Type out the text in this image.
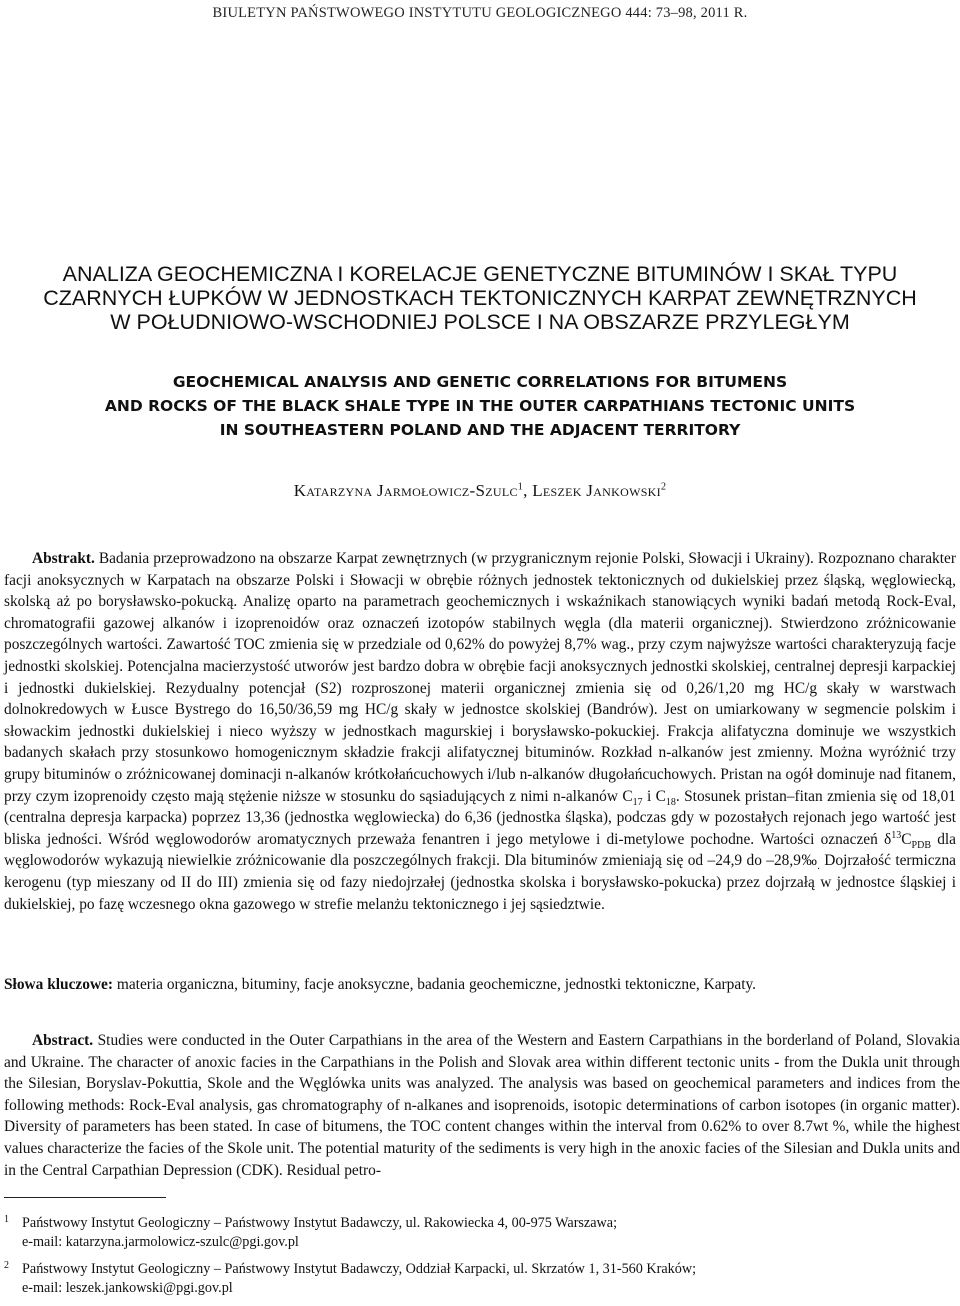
BIULETYN PAŃSTWOWEGO INSTYTUTU GEOLOGICZNEGO 444: 73–98, 2011 R.
ANALIZA GEOCHEMICZNA I KORELACJE GENETYCZNE BITUMINÓW I SKAŁ TYPU
CZARNYCH ŁUPKÓW W JEDNOSTKACH TEKTONICZNYCH KARPAT ZEWNĘTRZNYCH
W POŁUDNIOWO-WSCHODNIEJ POLSCE I NA OBSZARZE PRZYLEGŁYM
GEOCHEMICAL ANALYSIS AND GENETIC CORRELATIONS FOR BITUMENS
AND ROCKS OF THE BLACK SHALE TYPE IN THE OUTER CARPATHIANS TECTONIC UNITS
IN SOUTHEASTERN POLAND AND THE ADJACENT TERRITORY
Katarzyna Jarmołowicz-Szulc$^1$, Leszek Jankowski$^2$

Abstrakt. Badania przeprowadzono na obszarze Karpat zewnętrznych (w przygranicznym rejonie Polski, Słowacji i Ukrainy). Rozpoznano charakter facji anoksycznych w Karpatach na obszarze Polski i Słowacji w obrębie różnych jednostek tektonicznych od dukielskiej przez śląską, węglowiecką, skolską aż po borysławsko-pokucką. Analizę oparto na parametrach geochemicznych i wskaźnikach stanowiących wyniki badań metodą Rock-Eval, chromatografii gazowej alkanów i izoprenoidów oraz oznaczeń izotopów stabilnych węgla (dla materii organicznej). Stwierdzono zróżnicowanie poszczególnych wartości. Zawartość TOC zmienia się w przedziale od 0,62% do powyżej 8,7% wag., przy czym najwyższe wartości charakteryzują facje jednostki skolskiej. Potencjalna macierzystość utworów jest bardzo dobra w obrębie facji anoksycznych jednostki skolskiej, centralnej depresji karpackiej i jednostki dukielskiej. Rezydualny potencjał (S2) rozproszonej materii organicznej zmienia się od 0,26/1,20 mg HC/g skały w warstwach dolnokredowych w Łusce Bystrego do 16,50/36,59 mg HC/g skały w jednostce skolskiej (Bandrów). Jest on umiarkowany w segmencie polskim i słowackim jednostki dukielskiej i nieco wyższy w jednostkach magurskiej i borysławsko-pokuckiej. Frakcja alifatyczna dominuje we wszystkich badanych skałach przy stosunkowo homogenicznym składzie frakcji alifatycznej bituminów. Rozkład n-alkanów jest zmienny. Można wyróżnić trzy grupy bituminów o zróżnicowanej dominacji n-alkanów krótkołańcuchowych i/lub n-alkanów długołańcuchowych. Pristan na ogół dominuje nad fitanem, przy czym izoprenoidy często mają stężenie niższe w stosunku do sąsiadujących z nimi n-alkanów $C_{17}$ i $C_{18}$. Stosunek pristan–fitan zmienia się od 18,01 (centralna depresja karpacka) poprzez 13,36 (jednostka węglowiecka) do 6,36 (jednostka śląska), podczas gdy w pozostałych rejonach jego wartość jest bliska jedności. Wśród węglowodorów aromatycznych przeważa fenantren i jego metylowe i di-metylowe pochodne. Wartości oznaczeń $\delta^{13}C_{PDB}$ dla węglowodorów wykazują niewielkie zróżnicowanie dla poszczególnych frakcji. Dla bituminów zmieniają się od –24,9 do $-28,9‰_.$ Dojrzałość termiczna kerogenu (typ mieszany od II do III) zmienia się od fazy niedojrzałej (jednostka skolska i borysławsko-pokucka) przez dojrzałą w jednostce śląskiej i dukielskiej, po fazę wczesnego okna gazowego w strefie melanżu tektonicznego i jej sąsiedztwie.

Słowa kluczowe: materia organiczna, bituminy, facje anoksyczne, badania geochemiczne, jednostki tektoniczne, Karpaty.

Abstract. Studies were conducted in the Outer Carpathians in the area of the Western and Eastern Carpathians in the borderland of Poland, Slovakia and Ukraine. The character of anoxic facies in the Carpathians in the Polish and Slovak area within different tectonic units - from the Dukla unit through the Silesian, Boryslav-Pokuttia, Skole and the Węglówka units was analyzed. The analysis was based on geochemical parameters and indices from the following methods: Rock-Eval analysis, gas chromatography of n-alkanes and isoprenoids, isotopic determinations of carbon isotopes (in organic matter). Diversity of parameters has been stated. In case of bitumens, the TOC content changes within the interval from 0.62% to over 8.7wt %, while the highest values characterize the facies of the Skole unit. The potential maturity of the sediments is very high in the anoxic facies of the Silesian and Dukla units and in the Central Carpathian Depression (CDK). Residual petro-

1 Państwowy Instytut Geologiczny – Państwowy Instytut Badawczy, ul. Rakowiecka 4, 00-975 Warszawa;
e-mail: katarzyna.jarmolowicz-szulc@pgi.gov.pl
2 Państwowy Instytut Geologiczny – Państwowy Instytut Badawczy, Oddział Karpacki, ul. Skrzatów 1, 31-560 Kraków;
e-mail: leszek.jankowski@pgi.gov.pl
